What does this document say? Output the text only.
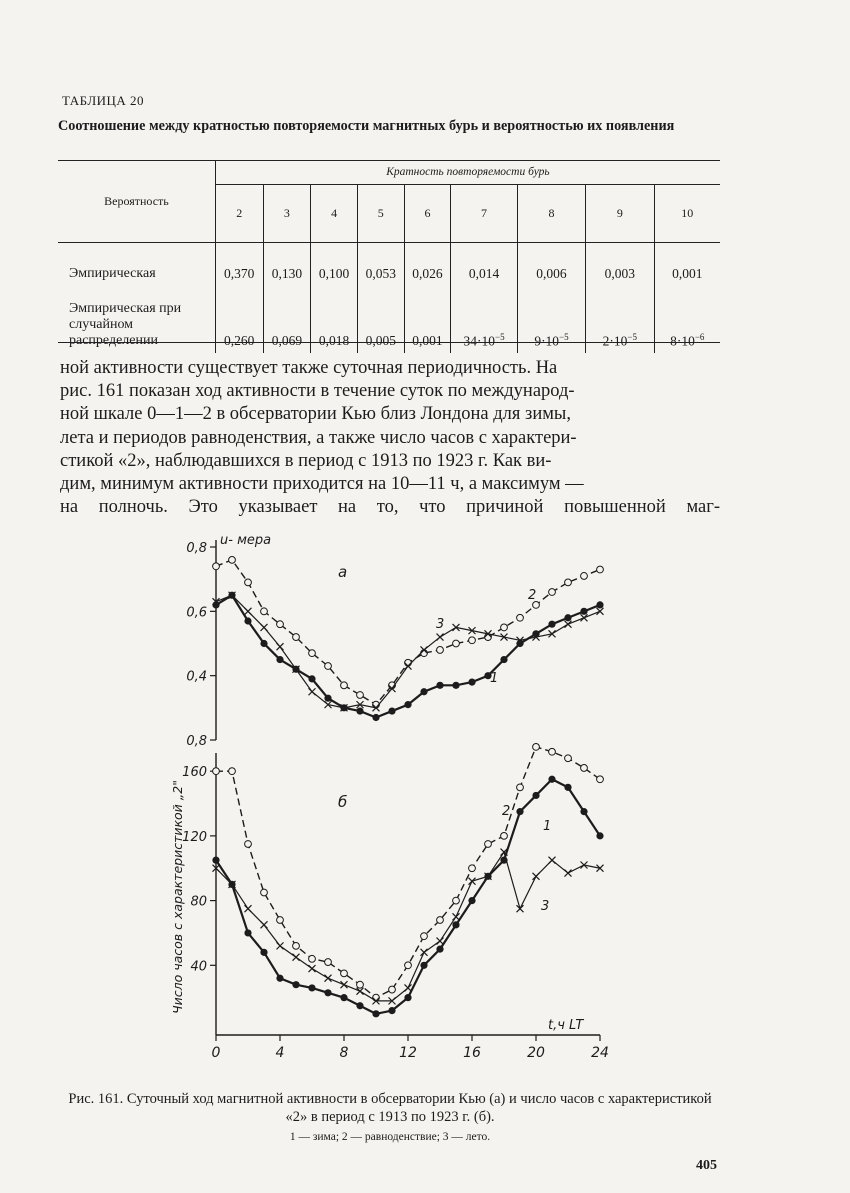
ТАБЛИЦА 20
Соотношение между кратностью повторяемости магнитных бурь и вероятностью их появления
Вероятность	Кратность повторяемости бурь								
	2	3	4	5	6	7	8	9	10
Эмпирическая	0,370	0,130	0,100	0,053	0,026	0,014	0,006	0,003	0,001
Эмпирическая при случайном распределении	0,260	0,069	0,018	0,005	0,001	$34\cdot 10^{-5}$	$9\cdot 10^{-5}$	$2\cdot 10^{-5}$	$8\cdot 10^{-6}$
ной активности существует также суточная периодичность. На
рис. 161 показан ход активности в течение суток по международ-
ной шкале 0—1—2 в обсерватории Кью близ Лондона для зимы,
лета и периодов равноденствия, а также число часов с характери-
стикой «2», наблюдавшихся в период с 1913 по 1923 г. Как ви-
дим, минимум активности приходится на 10—11 ч, а максимум —
на полночь. Это указывает на то, что причиной повышенной маг-
0,8
0,6
0,4
0,8
160
120
80
40
0	4	8	12	16	20	24
u- мера
t,ч LT
Число часов с характеристикой „2"
а
б
1
2
3
1
2
3
Рис. 161. Суточный ход магнитной активности в обсерватории Кью (а) и число часов с характеристикой «2» в период с 1913 по 1923 г. (б).
1 — зима; 2 — равноденствие; 3 — лето.
405
